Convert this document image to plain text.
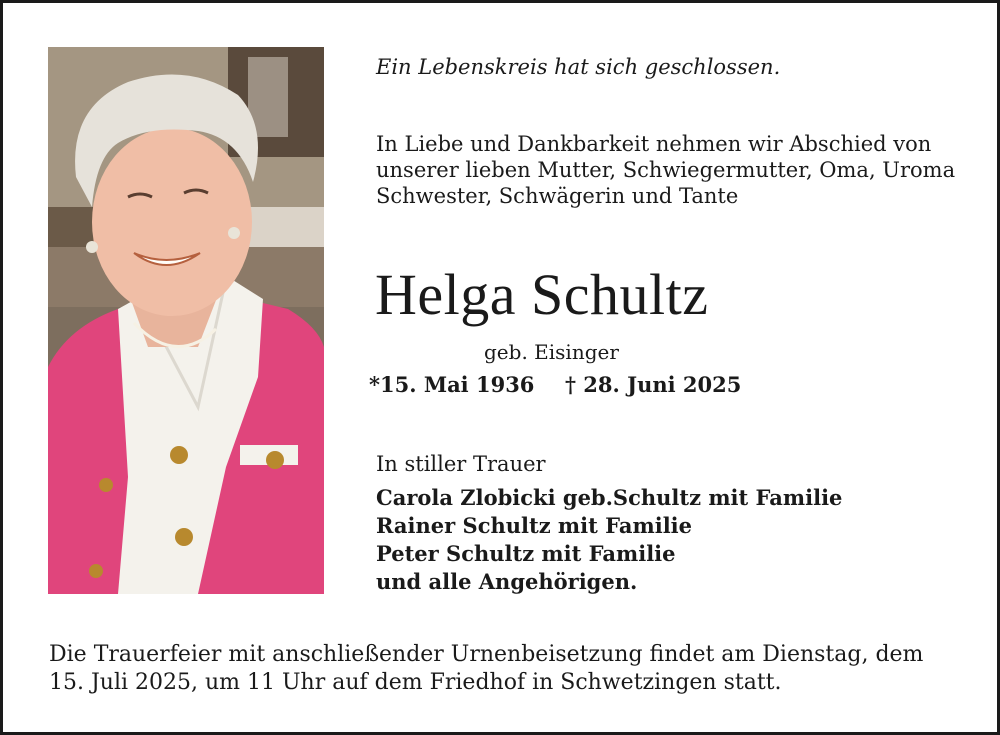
Ein Lebenskreis hat sich geschlossen.
In Liebe und Dankbarkeit nehmen wir Abschied von
unserer lieben Mutter, Schwiegermutter, Oma, Uroma
Schwester, Schwägerin und Tante
Helga Schultz
geb. Eisinger
*15. Mai 1936 † 28. Juni 2025
In stiller Trauer
Carola Zlobicki geb.Schultz mit Familie
Rainer Schultz mit Familie
Peter Schultz mit Familie
und alle Angehörigen.
Die Trauerfeier mit anschließender Urnenbeisetzung findet am Dienstag, dem
15. Juli 2025, um 11 Uhr auf dem Friedhof in Schwetzingen statt.
